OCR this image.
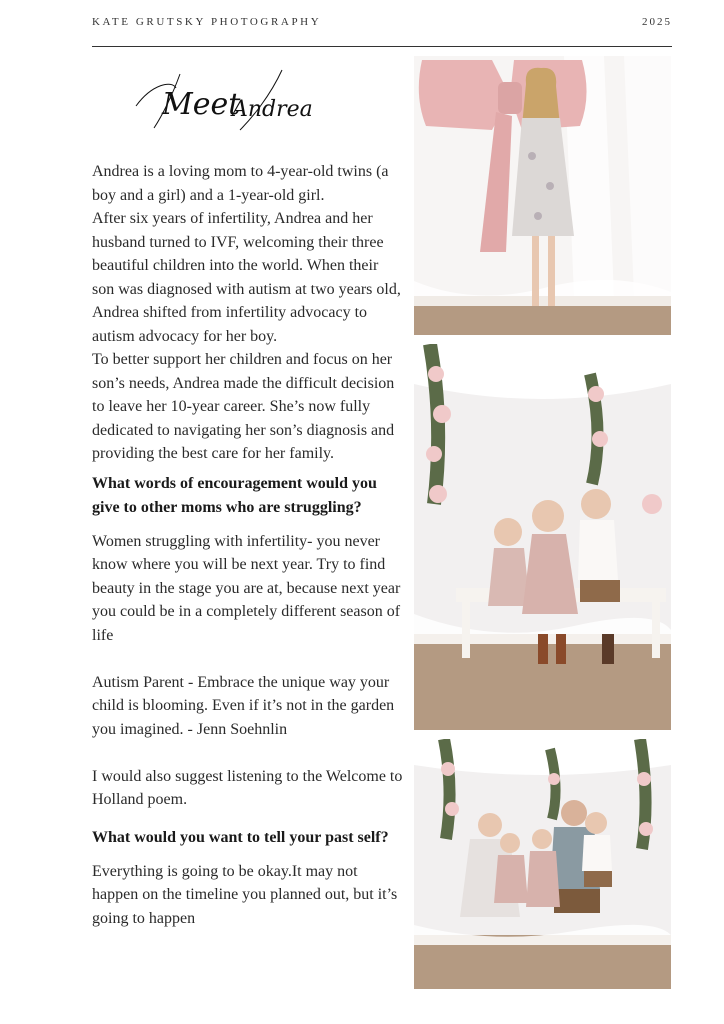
KATE GRUTSKY PHOTOGRAPHY	2025
Meet
Andrea

Andrea is a loving mom to 4-year-old twins (a boy and a girl) and a 1-year-old girl.

After six years of infertility, Andrea and her husband turned to IVF, welcoming their three beautiful children into the world. When their son was diagnosed with autism at two years old, Andrea shifted from infertility advocacy to autism advocacy for her boy.

To better support her children and focus on her son’s needs, Andrea made the difficult decision to leave her 10-year career. She’s now fully dedicated to navigating her son’s diagnosis and providing the best care for her family.

What words of encouragement would you give to other moms who are struggling?

Women struggling with infertility- you never know where you will be next year. Try to find beauty in the stage you are at, because next year you could be in a completely different season of life

Autism Parent - Embrace the unique way your child is blooming. Even if it’s not in the garden you imagined. - Jenn Soehnlin

I would also suggest listening to the Welcome to Holland poem.

What would you want to tell your past self?

Everything is going to be okay.It may not happen on the timeline you planned out, but it’s going to happen
